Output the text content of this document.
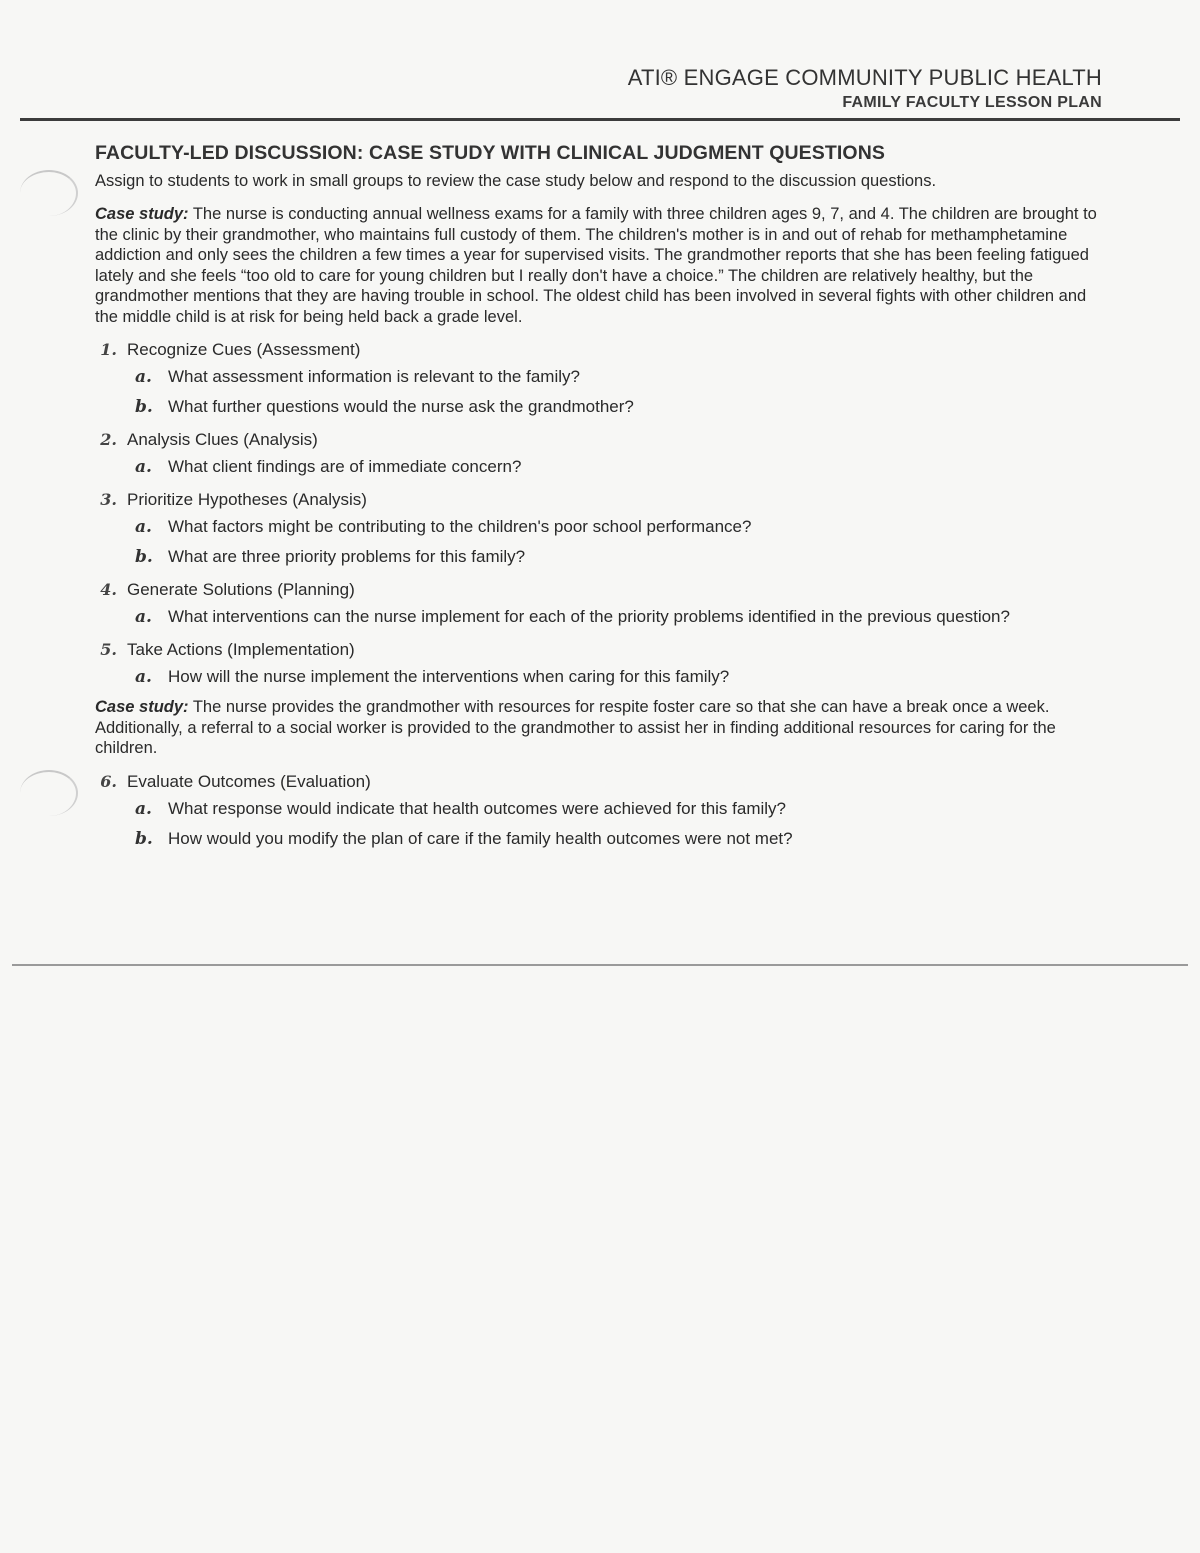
ATI® ENGAGE COMMUNITY PUBLIC HEALTH
FAMILY FACULTY LESSON PLAN
FACULTY-LED DISCUSSION: CASE STUDY WITH CLINICAL JUDGMENT QUESTIONS

Assign to students to work in small groups to review the case study below and respond to the discussion questions.

Case study: The nurse is conducting annual wellness exams for a family with three children ages 9, 7, and 4. The children are brought to the clinic by their grandmother, who maintains full custody of them. The children's mother is in and out of rehab for methamphetamine addiction and only sees the children a few times a year for supervised visits. The grandmother reports that she has been feeling fatigued lately and she feels “too old to care for young children but I really don't have a choice.” The children are relatively healthy, but the grandmother mentions that they are having trouble in school. The oldest child has been involved in several fights with other children and the middle child is at risk for being held back a grade level.

1. Recognize Cues (Assessment)
a. What assessment information is relevant to the family?
b. What further questions would the nurse ask the grandmother?
2. Analysis Clues (Analysis)
a. What client findings are of immediate concern?
3. Prioritize Hypotheses (Analysis)
a. What factors might be contributing to the children's poor school performance?
b. What are three priority problems for this family?
4. Generate Solutions (Planning)
a. What interventions can the nurse implement for each of the priority problems identified in the previous question?
5. Take Actions (Implementation)
a. How will the nurse implement the interventions when caring for this family?

Case study: The nurse provides the grandmother with resources for respite foster care so that she can have a break once a week. Additionally, a referral to a social worker is provided to the grandmother to assist her in finding additional resources for caring for the children.

6. Evaluate Outcomes (Evaluation)
a. What response would indicate that health outcomes were achieved for this family?
b. How would you modify the plan of care if the family health outcomes were not met?
